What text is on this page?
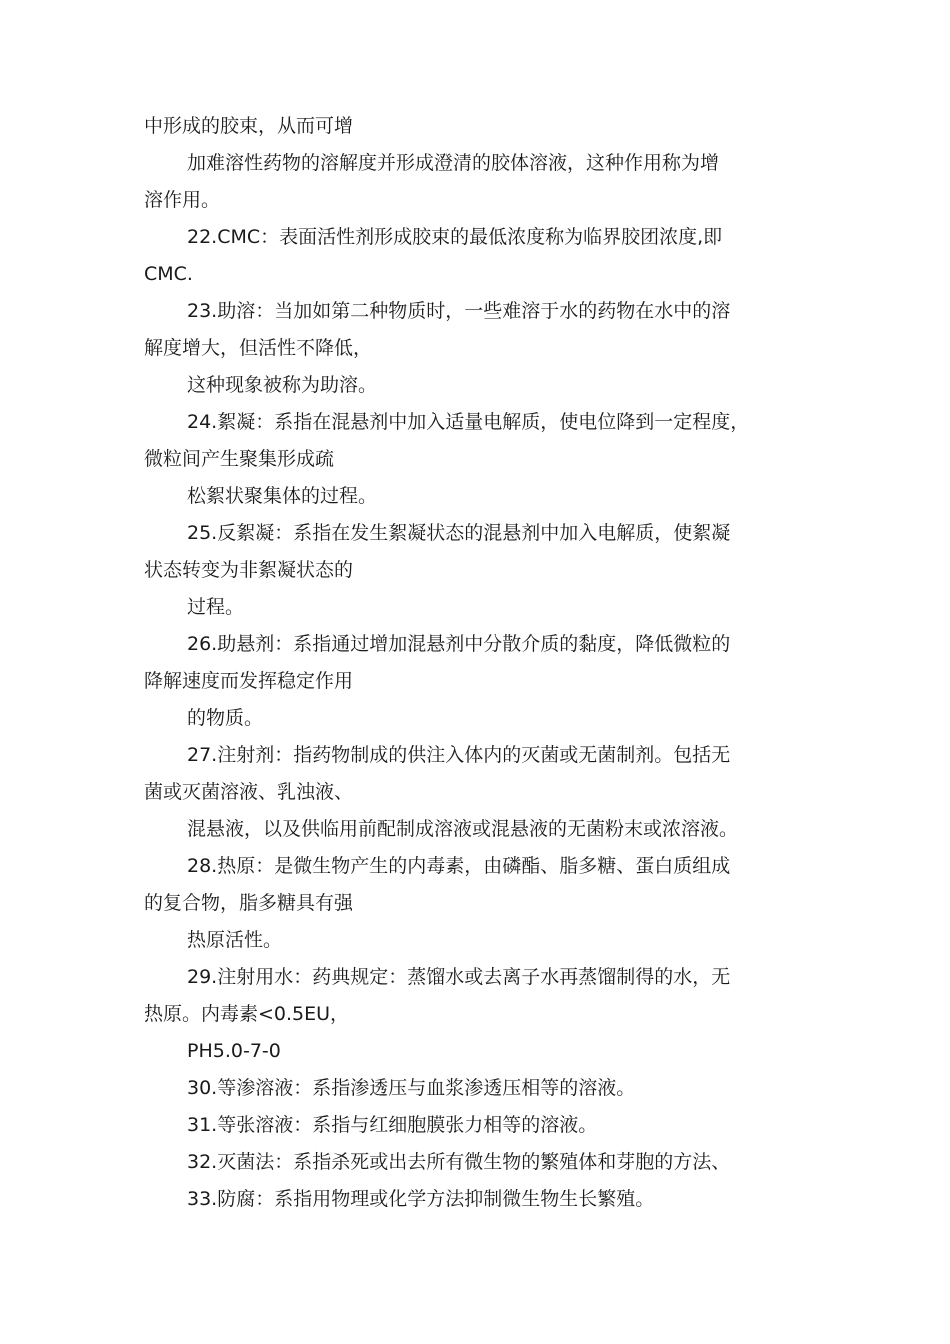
中形成的胶束，从而可增
加难溶性药物的溶解度并形成澄清的胶体溶液，这种作用称为增
溶作用。
22.CMC：表面活性剂形成胶束的最低浓度称为临界胶团浓度,即
CMC.
23.助溶：当加如第二种物质时，一些难溶于水的药物在水中的溶
解度增大，但活性不降低，
这种现象被称为助溶。
24.絮凝：系指在混悬剂中加入适量电解质，使电位降到一定程度，
微粒间产生聚集形成疏
松絮状聚集体的过程。
25.反絮凝：系指在发生絮凝状态的混悬剂中加入电解质，使絮凝
状态转变为非絮凝状态的
过程。
26.助悬剂：系指通过增加混悬剂中分散介质的黏度，降低微粒的
降解速度而发挥稳定作用
的物质。
27.注射剂：指药物制成的供注入体内的灭菌或无菌制剂。包括无
菌或灭菌溶液、乳浊液、
混悬液，以及供临用前配制成溶液或混悬液的无菌粉末或浓溶液。
28.热原：是微生物产生的内毒素，由磷酯、脂多糖、蛋白质组成
的复合物，脂多糖具有强
热原活性。
29.注射用水：药典规定：蒸馏水或去离子水再蒸馏制得的水，无
热原。内毒素<0.5EU，
PH5.0-7-0
30.等渗溶液：系指渗透压与血浆渗透压相等的溶液。
31.等张溶液：系指与红细胞膜张力相等的溶液。
32.灭菌法：系指杀死或出去所有微生物的繁殖体和芽胞的方法、
33.防腐：系指用物理或化学方法抑制微生物生长繁殖。
